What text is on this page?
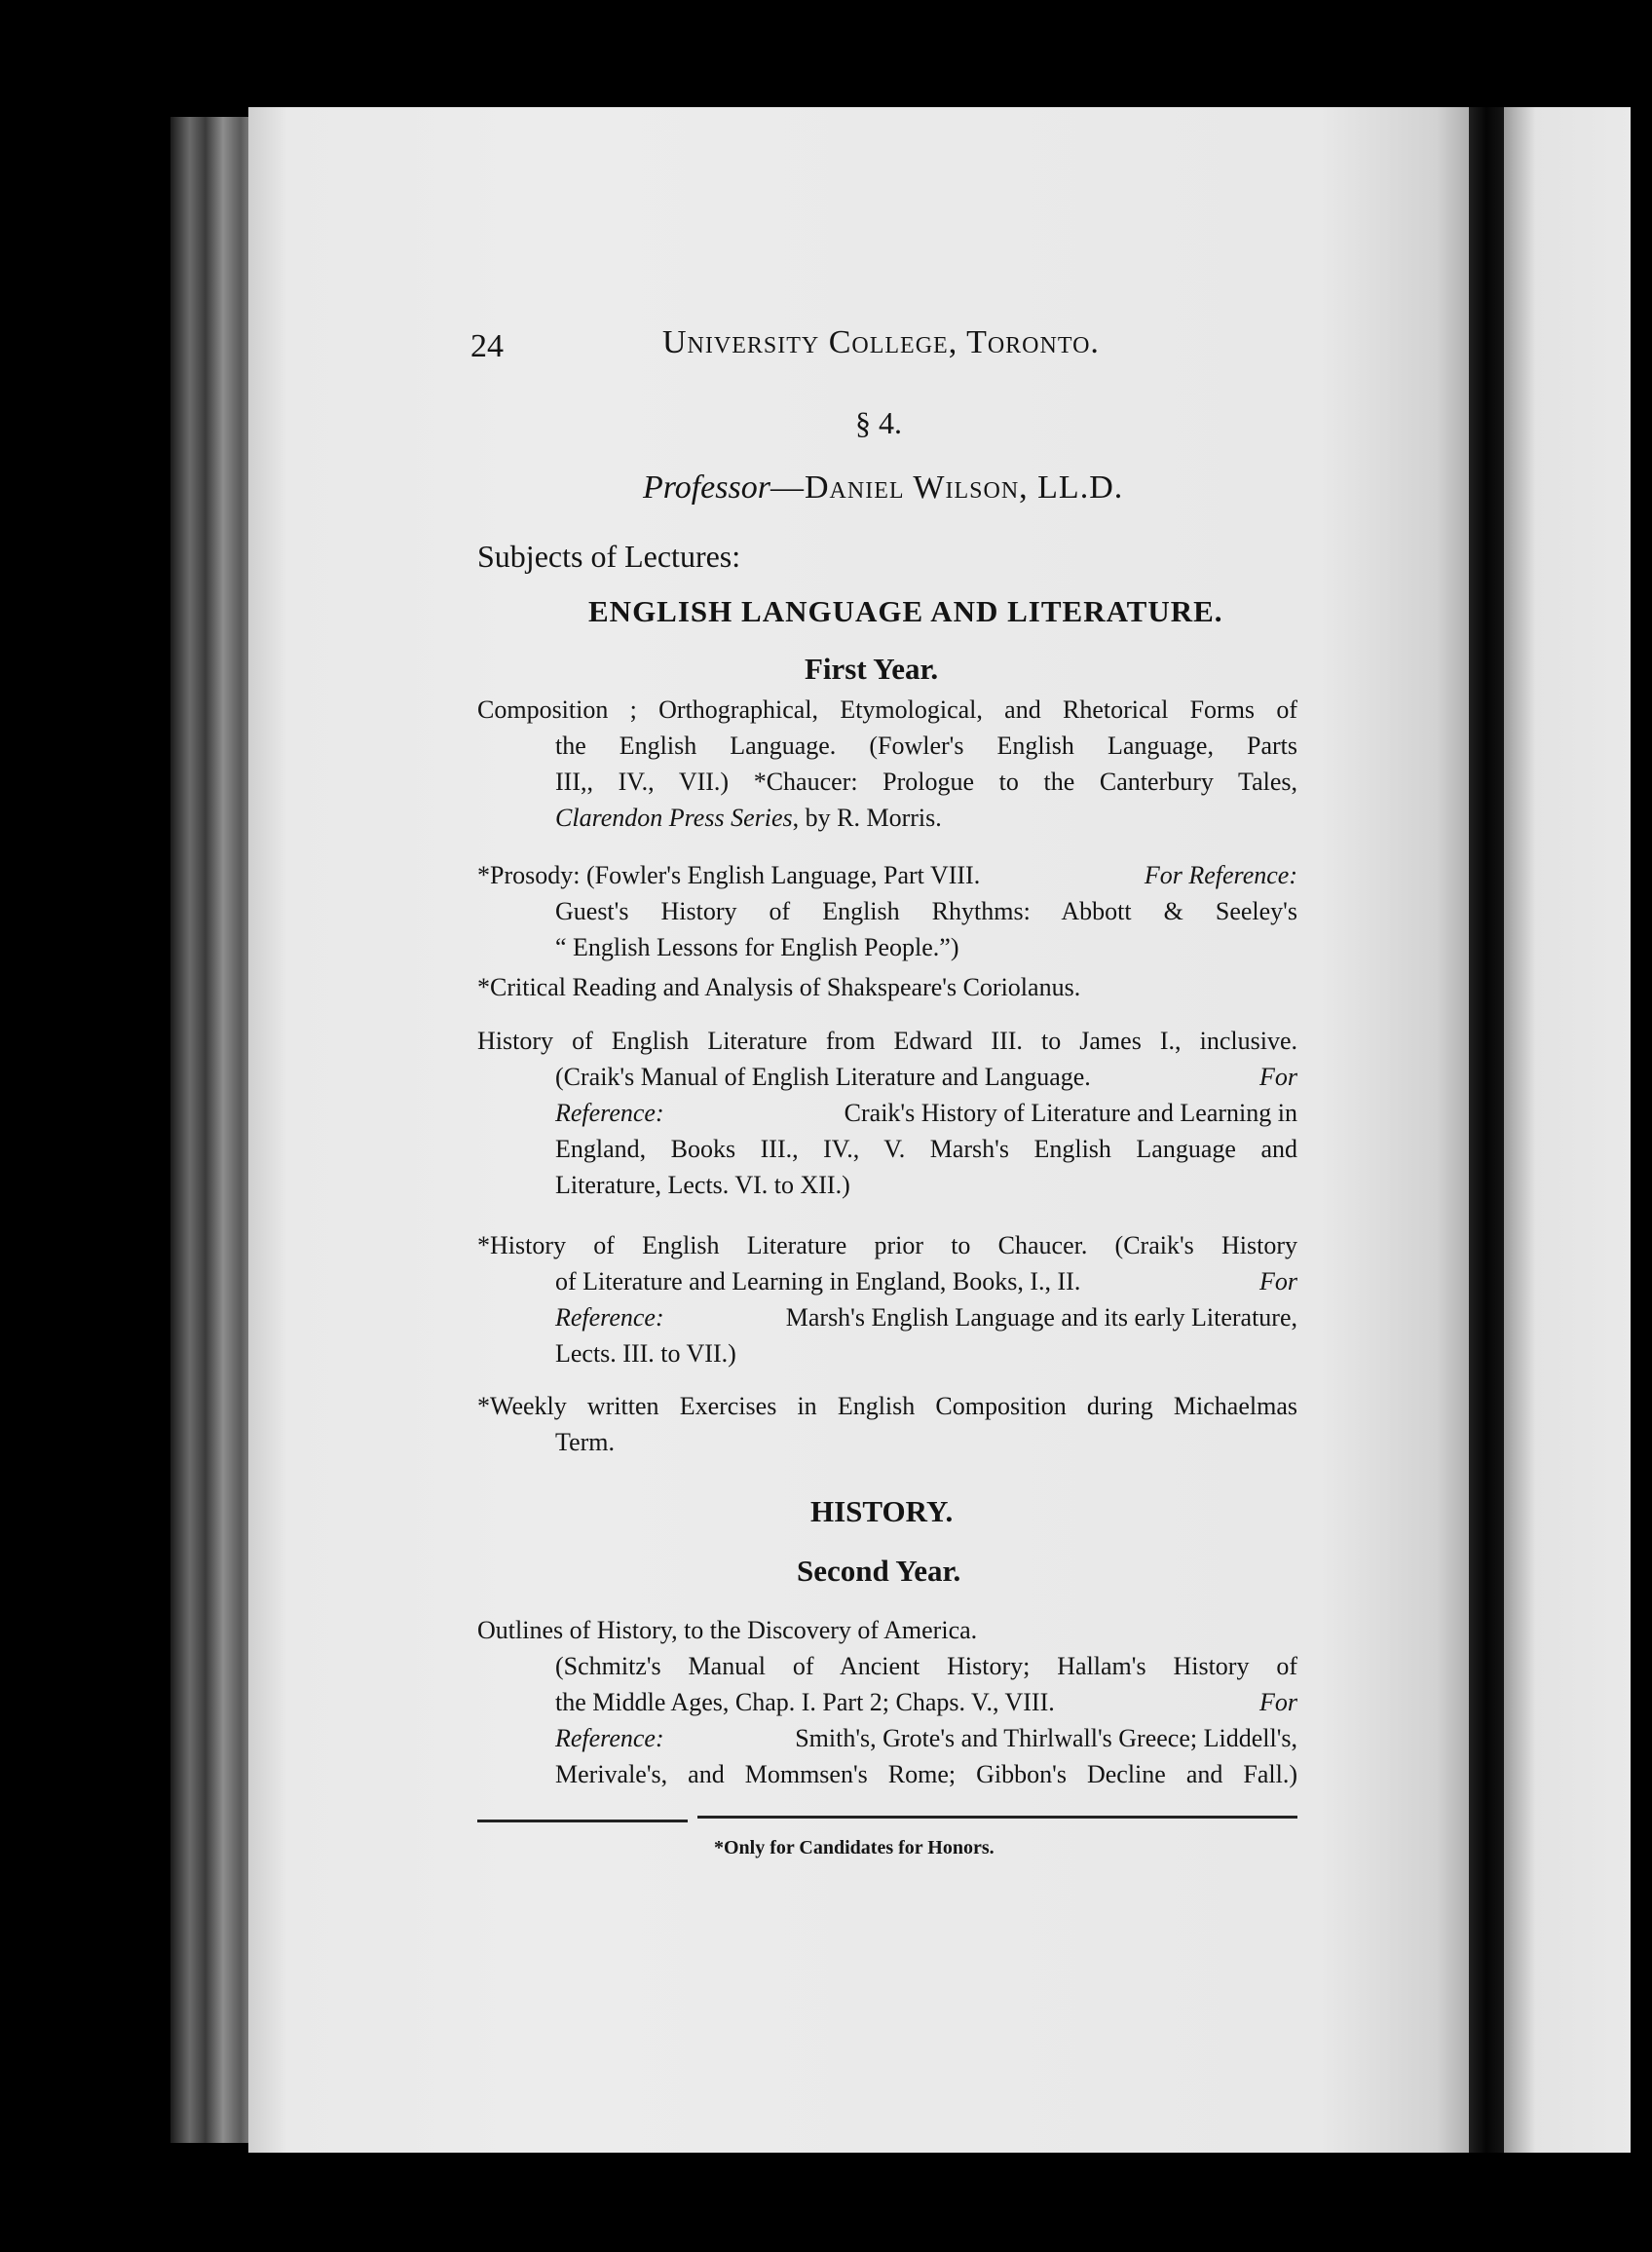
24	University College, Toronto.
§ 4.
Professor—Daniel Wilson, LL.D.
Subjects of Lectures:
ENGLISH LANGUAGE AND LITERATURE.
First Year.
Composition ; Orthographical, Etymological, and Rhetorical Forms of
the English Language. (Fowler's English Language, Parts
III,, IV., VII.) *Chaucer: Prologue to the Canterbury Tales,
Clarendon Press Series, by R. Morris.
*Prosody: (Fowler's English Language, Part VIII.	For Reference:
Guest's History of English Rhythms: Abbott & Seeley's
“ English Lessons for English People.”)
*Critical Reading and Analysis of Shakspeare's Coriolanus.
History of English Literature from Edward III. to James I., inclusive.
(Craik's Manual of English Literature and Language.	For
Reference:	Craik's History of Literature and Learning in
England, Books III., IV., V. Marsh's English Language and
Literature, Lects. VI. to XII.)
*History of English Literature prior to Chaucer. (Craik's History
of Literature and Learning in England, Books, I., II.	For
Reference:	Marsh's English Language and its early Literature,
Lects. III. to VII.)
*Weekly written Exercises in English Composition during Michaelmas
Term.
HISTORY.
Second Year.
Outlines of History, to the Discovery of America.
(Schmitz's Manual of Ancient History; Hallam's History of
the Middle Ages, Chap. I. Part 2; Chaps. V., VIII.	For
Reference:	Smith's, Grote's and Thirlwall's Greece; Liddell's,
Merivale's, and Mommsen's Rome; Gibbon's Decline and Fall.)
*Only for Candidates for Honors.
